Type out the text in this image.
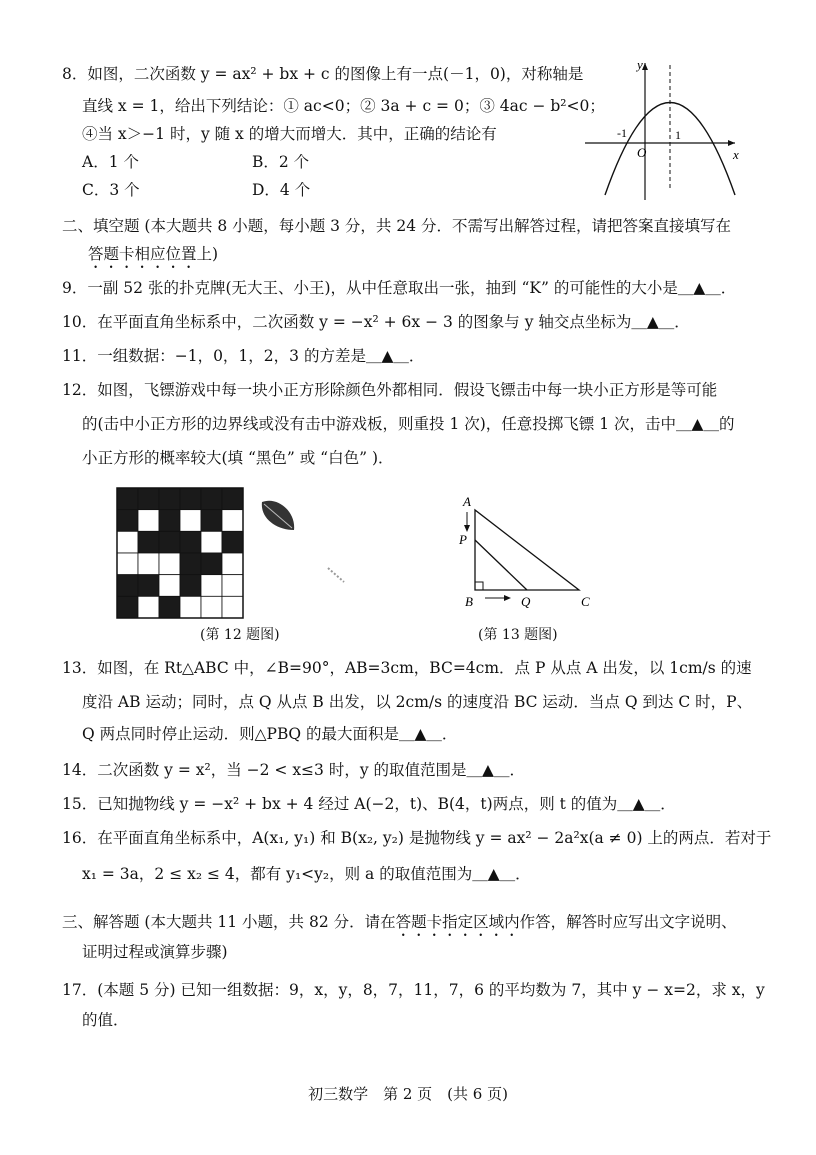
8．如图，二次函数 y = ax² + bx + c 的图像上有一点(－1，0)，对称轴是
直线 x = 1，给出下列结论：① ac<0；② 3a + c = 0；③ 4ac − b²<0；
④当 x＞−1 时，y 随 x 的增大而增大．其中，正确的结论有
A．1 个	B．2 个
C．3 个	D．4 个
y
x
O
-1	1
二、填空题 (本大题共 8 小题，每小题 3 分，共 24 分．不需写出解答过程，请把答案直接填写在
答题卡相应位置上)
9．一副 52 张的扑克牌(无大王、小王)，从中任意取出一张，抽到 “K” 的可能性的大小是＿▲＿．
10．在平面直角坐标系中，二次函数 y = −x² + 6x − 3 的图象与 y 轴交点坐标为＿▲＿．
11．一组数据：−1，0，1，2，3 的方差是＿▲＿．
12．如图，飞镖游戏中每一块小正方形除颜色外都相同．假设飞镖击中每一块小正方形是等可能
的(击中小正方形的边界线或没有击中游戏板，则重投 1 次)，任意投掷飞镖 1 次，击中＿▲＿的
小正方形的概率较大(填 “黑色” 或 “白色” )．
(第 12 题图)
A
P
B	Q	C
(第 13 题图)
13．如图，在 Rt△ABC 中，∠B=90°，AB=3cm，BC=4cm．点 P 从点 A 出发，以 1cm/s 的速
度沿 AB 运动；同时，点 Q 从点 B 出发，以 2cm/s 的速度沿 BC 运动．当点 Q 到达 C 时，P、
Q 两点同时停止运动．则△PBQ 的最大面积是＿▲＿．
14．二次函数 y = x²，当 −2 < x≤3 时，y 的取值范围是＿▲＿．
15．已知抛物线 y = −x² + bx + 4 经过 A(−2，t)、B(4，t)两点，则 t 的值为＿▲＿．
16．在平面直角坐标系中，A(x₁, y₁) 和 B(x₂, y₂) 是抛物线 y = ax² − 2a²x(a ≠ 0) 上的两点．若对于
x₁ = 3a，2 ≤ x₂ ≤ 4，都有 y₁<y₂，则 a 的取值范围为＿▲＿．
三、解答题 (本大题共 11 小题，共 82 分．请在答题卡指定区域内作答，解答时应写出文字说明、
证明过程或演算步骤)
17．(本题 5 分) 已知一组数据：9，x，y，8，7，11，7，6 的平均数为 7，其中 y − x=2，求 x，y
的值．
初三数学　第 2 页　(共 6 页)
